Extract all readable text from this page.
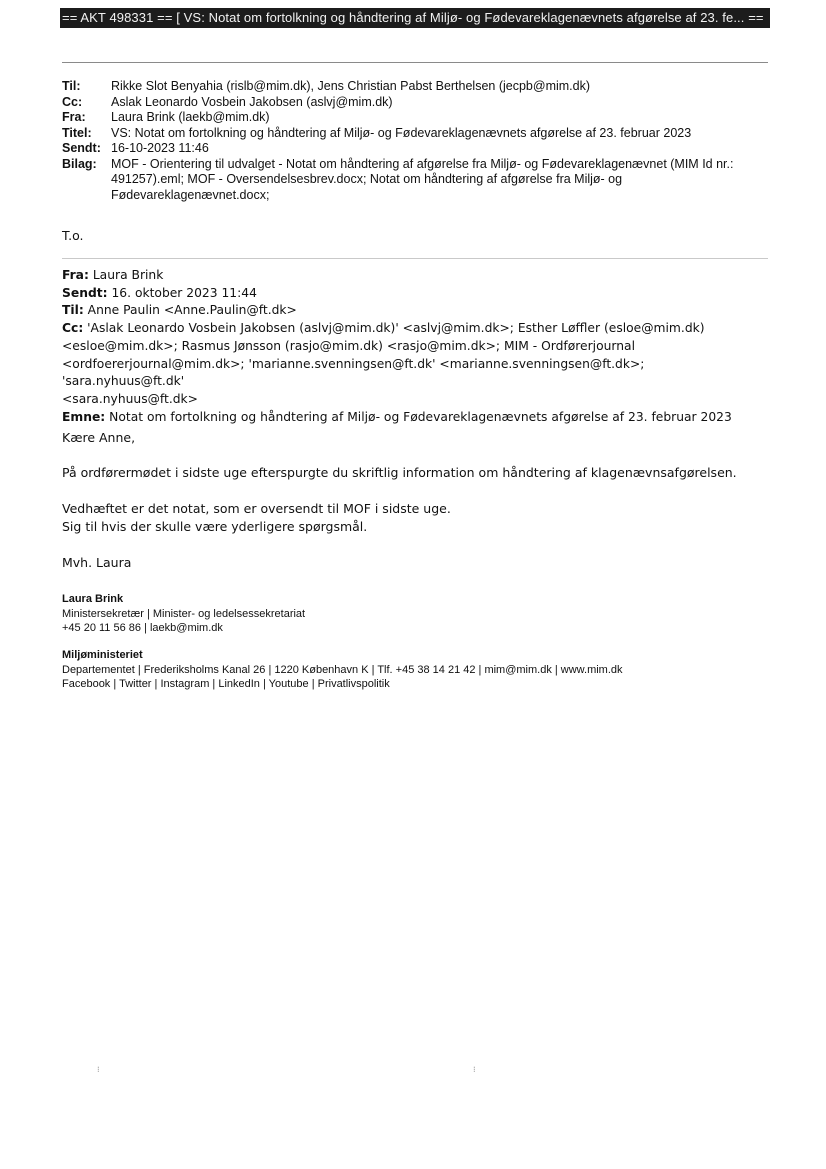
== AKT 498331 == [ VS: Notat om fortolkning og håndtering af Miljø- og Fødevareklagenævnets afgørelse af 23. fe... ==
Til:	Rikke Slot Benyahia (rislb@mim.dk), Jens Christian Pabst Berthelsen (jecpb@mim.dk)
Cc:	Aslak Leonardo Vosbein Jakobsen (aslvj@mim.dk)
Fra:	Laura Brink (laekb@mim.dk)
Titel:	VS: Notat om fortolkning og håndtering af Miljø- og Fødevareklagenævnets afgørelse af 23. februar 2023
Sendt: 16-10-2023 11:46
Bilag:	MOF - Orientering til udvalget - Notat om håndtering af afgørelse fra Miljø- og Fødevareklagenævnet (MIM Id nr.:
491257).eml; MOF - Oversendelsesbrev.docx; Notat om håndtering af afgørelse fra Miljø- og
Fødevareklagenævnet.docx;
T.o.
Fra: Laura Brink
Sendt: 16. oktober 2023 11:44
Til: Anne Paulin <Anne.Paulin@ft.dk>
Cc: 'Aslak Leonardo Vosbein Jakobsen (aslvj@mim.dk)' <aslvj@mim.dk>; Esther Løffler (esloe@mim.dk)
<esloe@mim.dk>; Rasmus Jønsson (rasjo@mim.dk) <rasjo@mim.dk>; MIM - Ordførerjournal
<ordfoererjournal@mim.dk>; 'marianne.svenningsen@ft.dk' <marianne.svenningsen@ft.dk>; 'sara.nyhuus@ft.dk'
<sara.nyhuus@ft.dk>
Emne: Notat om fortolkning og håndtering af Miljø- og Fødevareklagenævnets afgørelse af 23. februar 2023
Kære Anne,
På ordførermødet i sidste uge efterspurgte du skriftlig information om håndtering af klagenævnsafgørelsen.
Vedhæftet er det notat, som er oversendt til MOF i sidste uge.
Sig til hvis der skulle være yderligere spørgsmål.
Mvh. Laura
Laura Brink
Ministersekretær | Minister- og ledelsessekretariat
+45 20 11 56 86 | laekb@mim.dk
Miljøministeriet
Departementet | Frederiksholms Kanal 26 | 1220 København K | Tlf. +45 38 14 21 42 | mim@mim.dk | www.mim.dk
Facebook | Twitter | Instagram | LinkedIn | Youtube | Privatlivspolitik
⁝	⁝
